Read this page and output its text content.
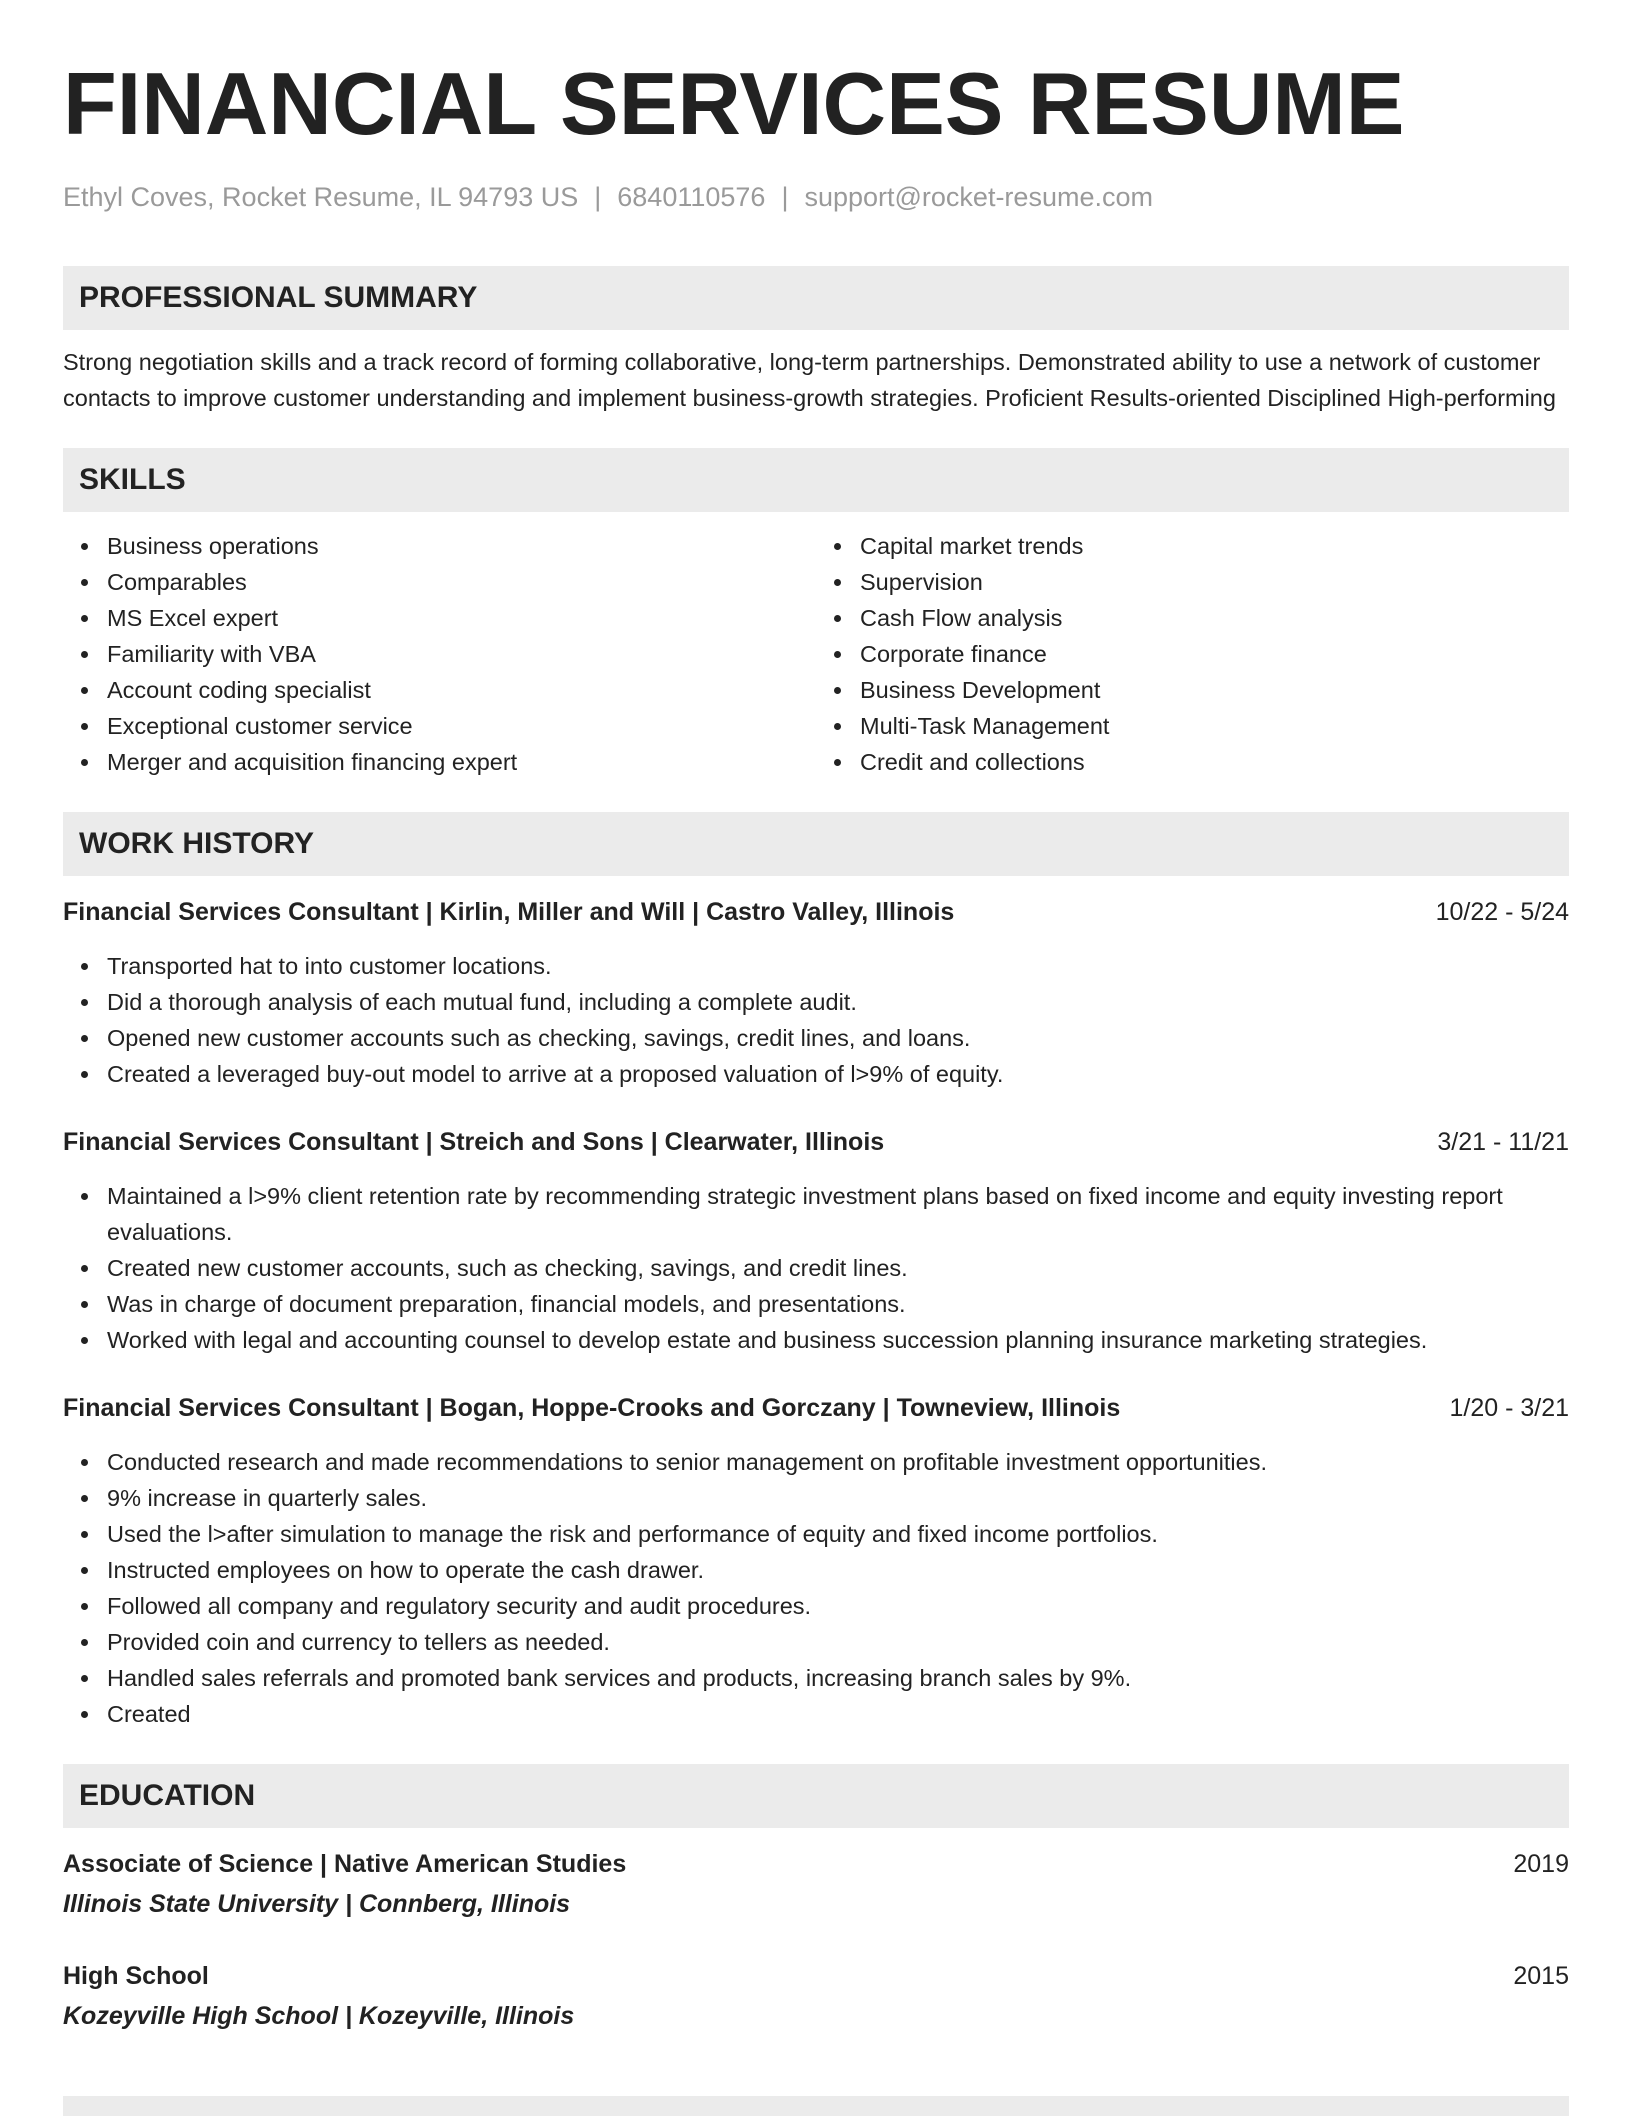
FINANCIAL SERVICES RESUME
Ethyl Coves, Rocket Resume, IL 94793 US | 6840110576 | support@rocket-resume.com
PROFESSIONAL SUMMARY
Strong negotiation skills and a track record of forming collaborative, long-term partnerships. Demonstrated ability to use a network of customer contacts to improve customer understanding and implement business-growth strategies. Proficient Results-oriented Disciplined High-performing
SKILLS
Business operations
Comparables
MS Excel expert
Familiarity with VBA
Account coding specialist
Exceptional customer service
Merger and acquisition financing expert
Capital market trends
Supervision
Cash Flow analysis
Corporate finance
Business Development
Multi-Task Management
Credit and collections
WORK HISTORY
Financial Services Consultant | Kirlin, Miller and Will | Castro Valley, Illinois	10/22 - 5/24
Transported hat to into customer locations.
Did a thorough analysis of each mutual fund, including a complete audit.
Opened new customer accounts such as checking, savings, credit lines, and loans.
Created a leveraged buy-out model to arrive at a proposed valuation of l>9% of equity.
Financial Services Consultant | Streich and Sons | Clearwater, Illinois	3/21 - 11/21
Maintained a l>9% client retention rate by recommending strategic investment plans based on fixed income and equity investing report evaluations.
Created new customer accounts, such as checking, savings, and credit lines.
Was in charge of document preparation, financial models, and presentations.
Worked with legal and accounting counsel to develop estate and business succession planning insurance marketing strategies.
Financial Services Consultant | Bogan, Hoppe-Crooks and Gorczany | Towneview, Illinois	1/20 - 3/21
Conducted research and made recommendations to senior management on profitable investment opportunities.
9% increase in quarterly sales.
Used the l>after simulation to manage the risk and performance of equity and fixed income portfolios.
Instructed employees on how to operate the cash drawer.
Followed all company and regulatory security and audit procedures.
Provided coin and currency to tellers as needed.
Handled sales referrals and promoted bank services and products, increasing branch sales by 9%.
Created
EDUCATION
Associate of Science | Native American Studies	2019
Illinois State University | Connberg, Illinois
High School	2015
Kozeyville High School | Kozeyville, Illinois
